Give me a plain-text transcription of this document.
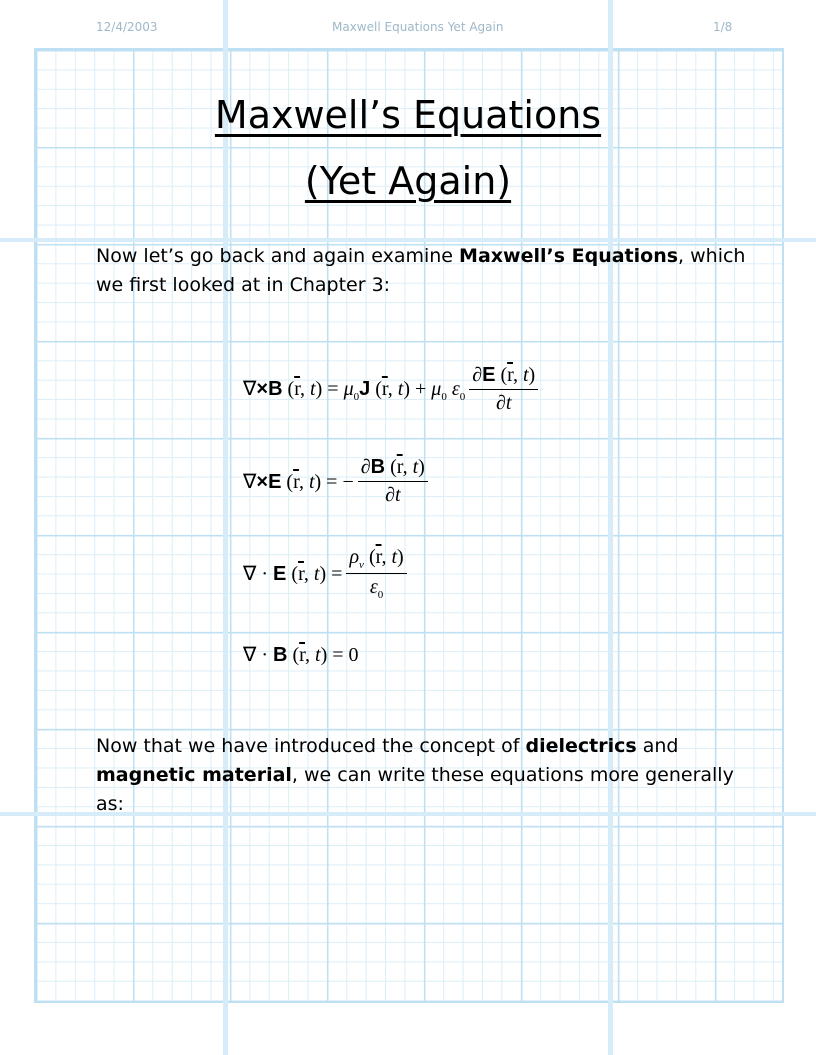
12/4/2003	Maxwell Equations Yet Again	1/8
Maxwell’s Equations
(Yet Again)
Now let’s go back and again examine Maxwell’s Equations, which we first looked at in Chapter 3:
∇×B ($\overline{r}$, $t) = \mu_0J$ ($\overline{r}$, $t) + \mu_0$ $\varepsilon_0 \frac{\partial E (\overline{r}, t)}{\partial t}$
∇×E ($\overline{r}$, t) = − $\frac{\partial B (\overline{r}, t)}{\partial t}$
∇ · E ($\overline{r}$, $t) = \frac{\rho_v (\overline{r}, t)}{\varepsilon_0}$
∇ · B ($\overline{r}$, t) = 0
Now that we have introduced the concept of dielectrics and magnetic material, we can write these equations more generally as:
